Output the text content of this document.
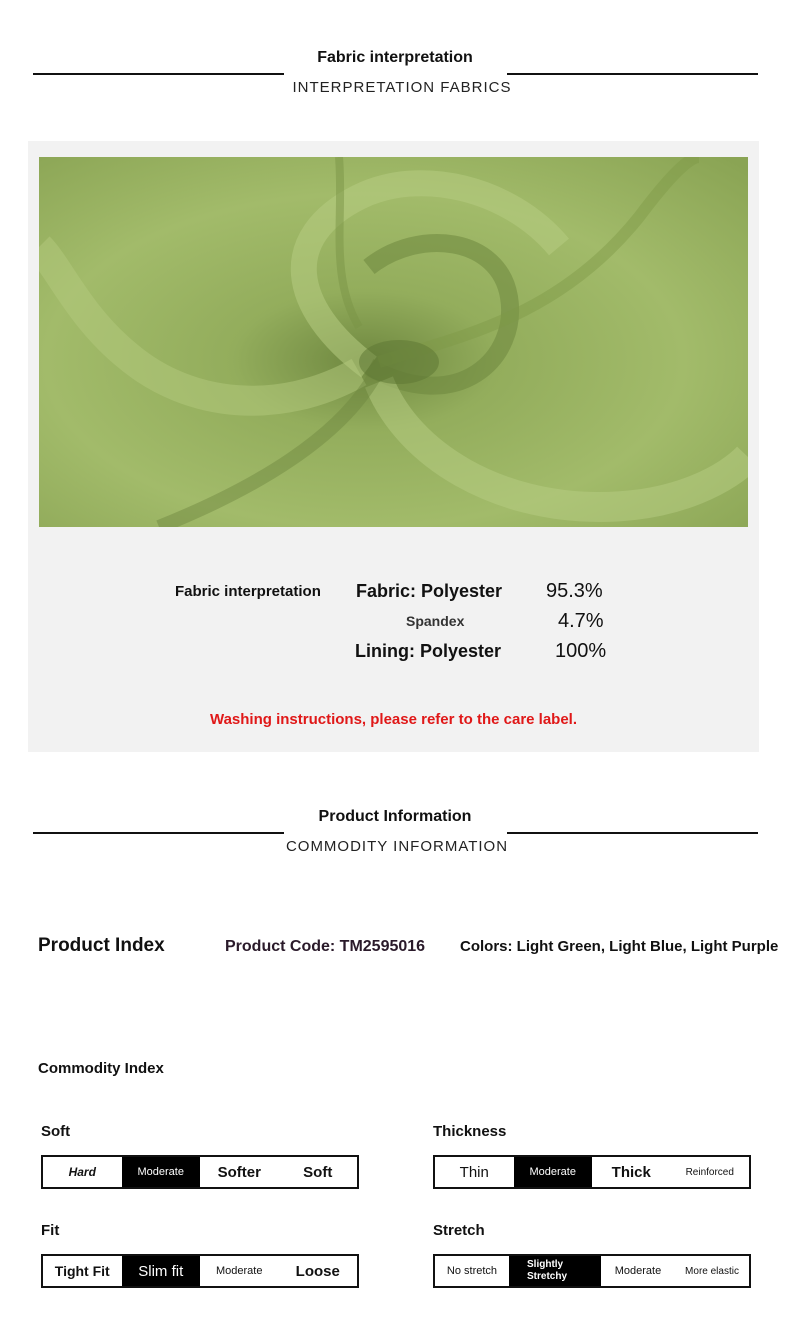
Fabric interpretation
INTERPRETATION FABRICS
Fabric interpretation Fabric: Polyester 95.3%
Spandex	4.7%
Lining: Polyester	100%
Washing instructions, please refer to the care label.
Product Information
COMMODITY INFORMATION
Product Index	Product Code: TM2595016 Colors: Light Green, Light Blue, Light Purple
Commodity Index
Soft
Hard	Moderate	Softer	Soft
Thickness
Thin	Moderate	Thick	Reinforced
Fit
Tight Fit	Slim fit	Moderate	Loose
Stretch
No stretch
Slightly
Stretchy	Moderate	More elastic
